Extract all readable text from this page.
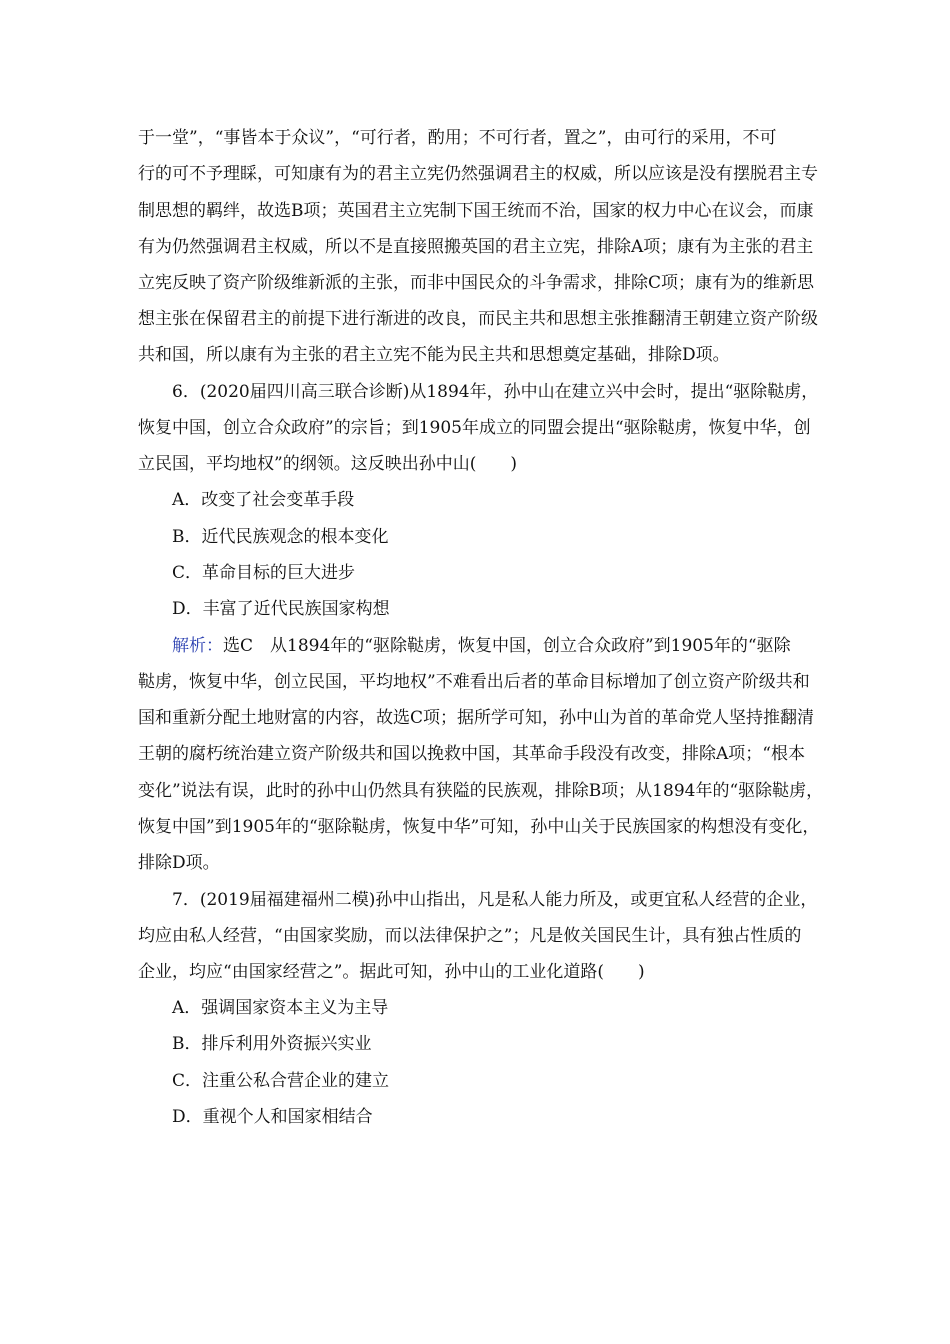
于一堂”，“事皆本于众议”，“可行者，酌用；不可行者，置之”，由可行的采用，不可
行的可不予理睬，可知康有为的君主立宪仍然强调君主的权威，所以应该是没有摆脱君主专
制思想的羁绊，故选B项；英国君主立宪制下国王统而不治，国家的权力中心在议会，而康
有为仍然强调君主权威，所以不是直接照搬英国的君主立宪，排除A项；康有为主张的君主
立宪反映了资产阶级维新派的主张，而非中国民众的斗争需求，排除C项；康有为的维新思
想主张在保留君主的前提下进行渐进的改良，而民主共和思想主张推翻清王朝建立资产阶级
共和国，所以康有为主张的君主立宪不能为民主共和思想奠定基础，排除D项。
6．(2020届四川高三联合诊断)从1894年，孙中山在建立兴中会时，提出“驱除鞑虏，
恢复中国，创立合众政府”的宗旨；到1905年成立的同盟会提出“驱除鞑虏，恢复中华，创
立民国，平均地权”的纲领。这反映出孙中山(　　)
A．改变了社会变革手段
B．近代民族观念的根本变化
C．革命目标的巨大进步
D．丰富了近代民族国家构想
解析：选C　从1894年的“驱除鞑虏，恢复中国，创立合众政府”到1905年的“驱除
鞑虏，恢复中华，创立民国，平均地权”不难看出后者的革命目标增加了创立资产阶级共和
国和重新分配土地财富的内容，故选C项；据所学可知，孙中山为首的革命党人坚持推翻清
王朝的腐朽统治建立资产阶级共和国以挽救中国，其革命手段没有改变，排除A项；“根本
变化”说法有误，此时的孙中山仍然具有狭隘的民族观，排除B项；从1894年的“驱除鞑虏，
恢复中国”到1905年的“驱除鞑虏，恢复中华”可知，孙中山关于民族国家的构想没有变化，
排除D项。
7．(2019届福建福州二模)孙中山指出，凡是私人能力所及，或更宜私人经营的企业，
均应由私人经营，“由国家奖励，而以法律保护之”；凡是攸关国民生计，具有独占性质的
企业，均应“由国家经营之”。据此可知，孙中山的工业化道路(　　)
A．强调国家资本主义为主导
B．排斥利用外资振兴实业
C．注重公私合营企业的建立
D．重视个人和国家相结合
